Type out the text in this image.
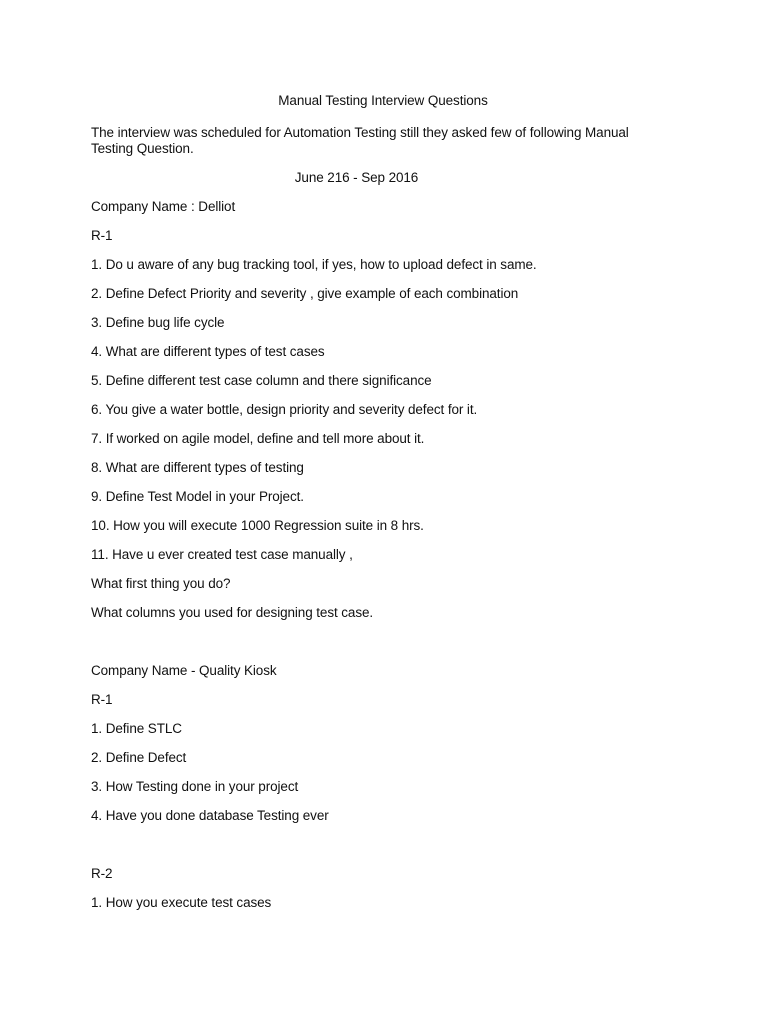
Manual Testing Interview Questions
The interview was scheduled for Automation Testing still they asked few of following Manual
Testing Question.
June 216 - Sep 2016
Company Name : Delliot
R-1
1. Do u aware of any bug tracking tool, if yes, how to upload defect in same.
2. Define Defect Priority and severity , give example of each combination
3. Define bug life cycle
4. What are different types of test cases
5. Define different test case column and there significance
6. You give a water bottle, design priority and severity defect for it.
7. If worked on agile model, define and tell more about it.
8. What are different types of testing
9. Define Test Model in your Project.
10. How you will execute 1000 Regression suite in 8 hrs.
11. Have u ever created test case manually ,
What first thing you do?
What columns you used for designing test case.
Company Name - Quality Kiosk
R-1
1. Define STLC
2. Define Defect
3. How Testing done in your project
4. Have you done database Testing ever
R-2
1. How you execute test cases
